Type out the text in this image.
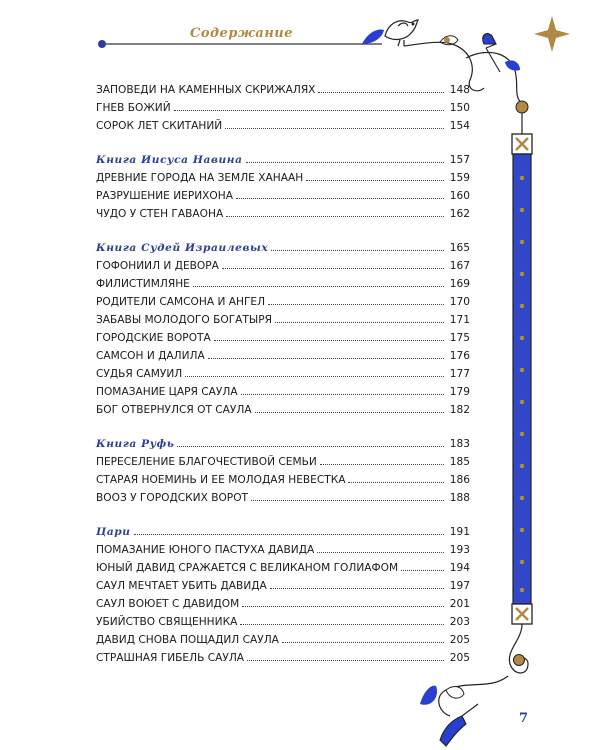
Содержание
ЗАПОВЕДИ НА КАМЕННЫХ СКРИЖАЛЯХ	148
ГНЕВ БОЖИЙ	150
СОРОК ЛЕТ СКИТАНИЙ	154
Книга Иисуса Навина	157
ДРЕВНИЕ ГОРОДА НА ЗЕМЛЕ ХАНААН	159
РАЗРУШЕНИЕ ИЕРИХОНА	160
ЧУДО У СТЕН ГАВАОНА	162
Книга Судей Израилевых	165
ГОФОНИИЛ И ДЕВОРА	167
ФИЛИСТИМЛЯНЕ	169
РОДИТЕЛИ САМСОНА И АНГЕЛ	170
ЗАБАВЫ МОЛОДОГО БОГАТЫРЯ	171
ГОРОДСКИЕ ВОРОТА	175
САМСОН И ДАЛИЛА	176
СУДЬЯ САМУИЛ	177
ПОМАЗАНИЕ ЦАРЯ САУЛА	179
БОГ ОТВЕРНУЛСЯ ОТ САУЛА	182
Книга Руфь	183
ПЕРЕСЕЛЕНИЕ БЛАГОЧЕСТИВОЙ СЕМЬИ	185
СТАРАЯ НОЕМИНЬ И ЕЕ МОЛОДАЯ НЕВЕСТКА	186
ВООЗ У ГОРОДСКИХ ВОРОТ	188
Цари	191
ПОМАЗАНИЕ ЮНОГО ПАСТУХА ДАВИДА	193
ЮНЫЙ ДАВИД СРАЖАЕТСЯ С ВЕЛИКАНОМ ГОЛИАФОМ	194
САУЛ МЕЧТАЕТ УБИТЬ ДАВИДА	197
САУЛ ВОЮЕТ С ДАВИДОМ	201
УБИЙСТВО СВЯЩЕННИКА	203
ДАВИД СНОВА ПОЩАДИЛ САУЛА	205
СТРАШНАЯ ГИБЕЛЬ САУЛА	205
7
